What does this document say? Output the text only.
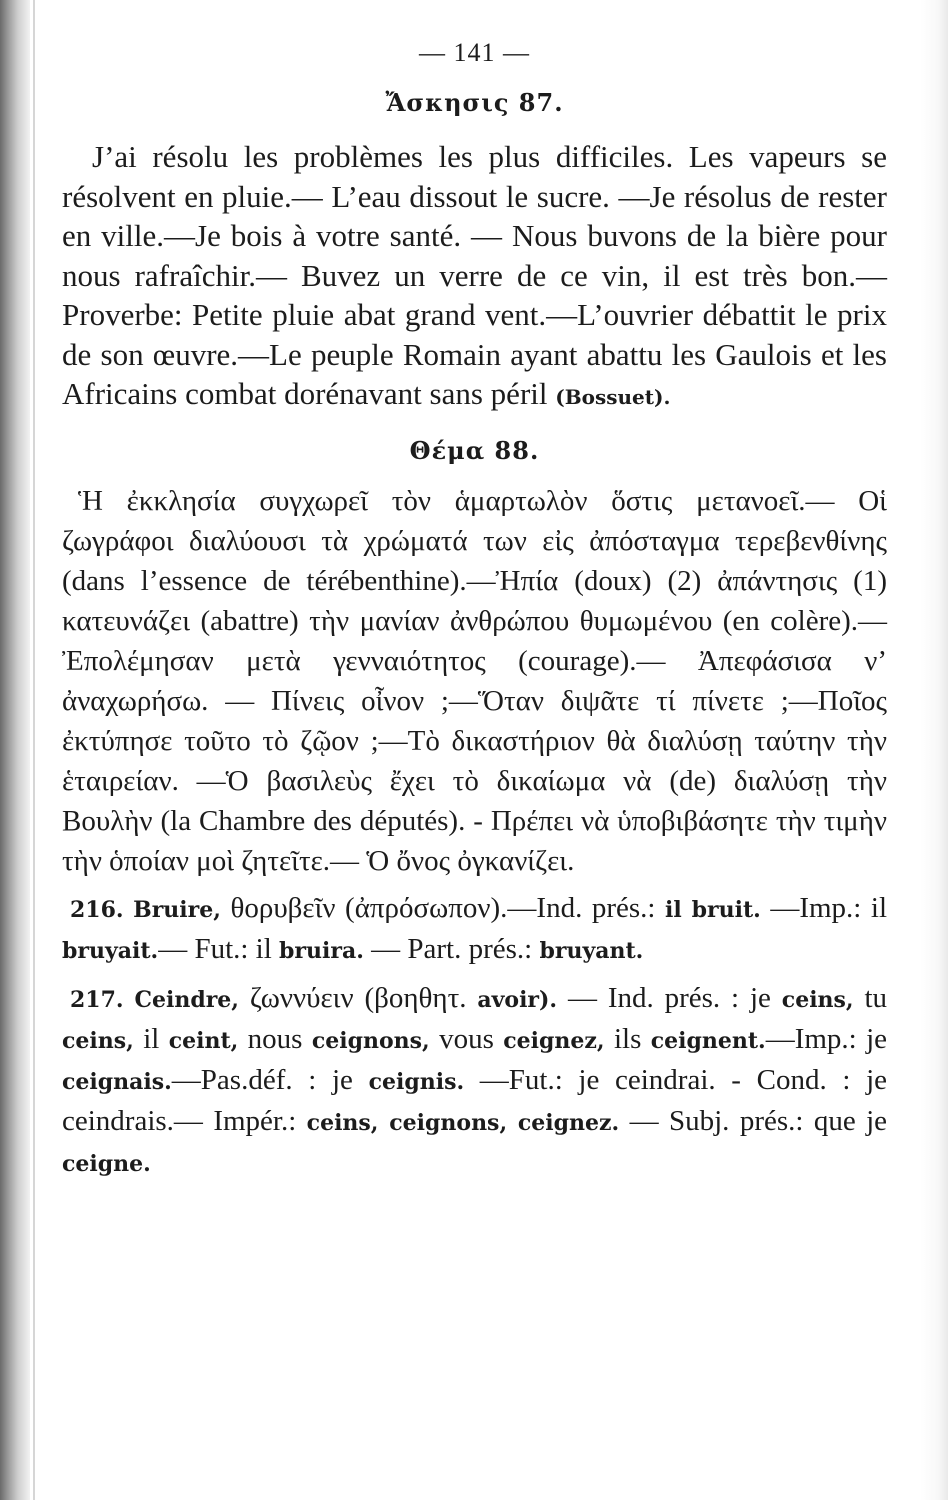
— 141 —
Ἄσκησις 87.

J’ai résolu les problèmes les plus difficiles. Les vapeurs se résolvent en pluie.— L’eau dissout le sucre. —Je résolus de rester en ville.—Je bois à votre santé. — Nous buvons de la bière pour nous rafraîchir.— Buvez un verre de ce vin, il est très bon.—Proverbe: Petite pluie abat grand vent.—L’ouvrier débattit le prix de son œuvre.—Le peuple Romain ayant abattu les Gaulois et les Africains combat dorénavant sans péril (Bossuet).

Θέμα 88.

Ἡ ἐκκλησία συγχωρεῖ τὸν ἁμαρτωλὸν ὅστις μετανοεῖ.— Οἱ ζωγράφοι διαλύουσι τὰ χρώματά των εἰς ἀπόσταγμα τερεβενθίνης (dans l’essence de térébenthine).—Ἠπία (doux) (2) ἀπάντησις (1) κατευνάζει (abattre) τὴν μανίαν ἀνθρώπου θυμωμένου (en colère).—Ἐπολέμησαν μετὰ γενναιότητος (courage).— Ἀπεφάσισα ν’ ἀναχωρήσω. — Πίνεις οἶνον ;—Ὅταν διψᾶτε τί πίνετε ;—Ποῖος ἐκτύπησε τοῦτο τὸ ζῷον ;—Τὸ δικαστήριον θὰ διαλύσῃ ταύτην τὴν ἑταιρείαν. —Ὁ βασιλεὺς ἔχει τὸ δικαίωμα νὰ (de) διαλύσῃ τὴν Βουλὴν (la Chambre des députés). - Πρέπει νὰ ὑποβιβάσητε τὴν τιμὴν τὴν ὁποίαν μοὶ ζητεῖτε.— Ὁ ὄνος ὀγκανίζει.

216. Bruire, θορυβεῖν (ἀπρόσωπον).—Ind. prés.: il bruit. —Imp.: il bruyait.— Fut.: il bruira. — Part. prés.: bruyant.

217. Ceindre, ζωννύειν (βοηθητ. avoir). — Ind. prés. : je ceins, tu ceins, il ceint, nous ceignons, vous ceignez, ils ceignent.—Imp.: je ceignais.—Pas.déf. : je ceignis. —Fut.: je ceindrai. - Cond. : je ceindrais.— Impér.: ceins, ceignons, ceignez. — Subj. prés.: que je ceigne.
